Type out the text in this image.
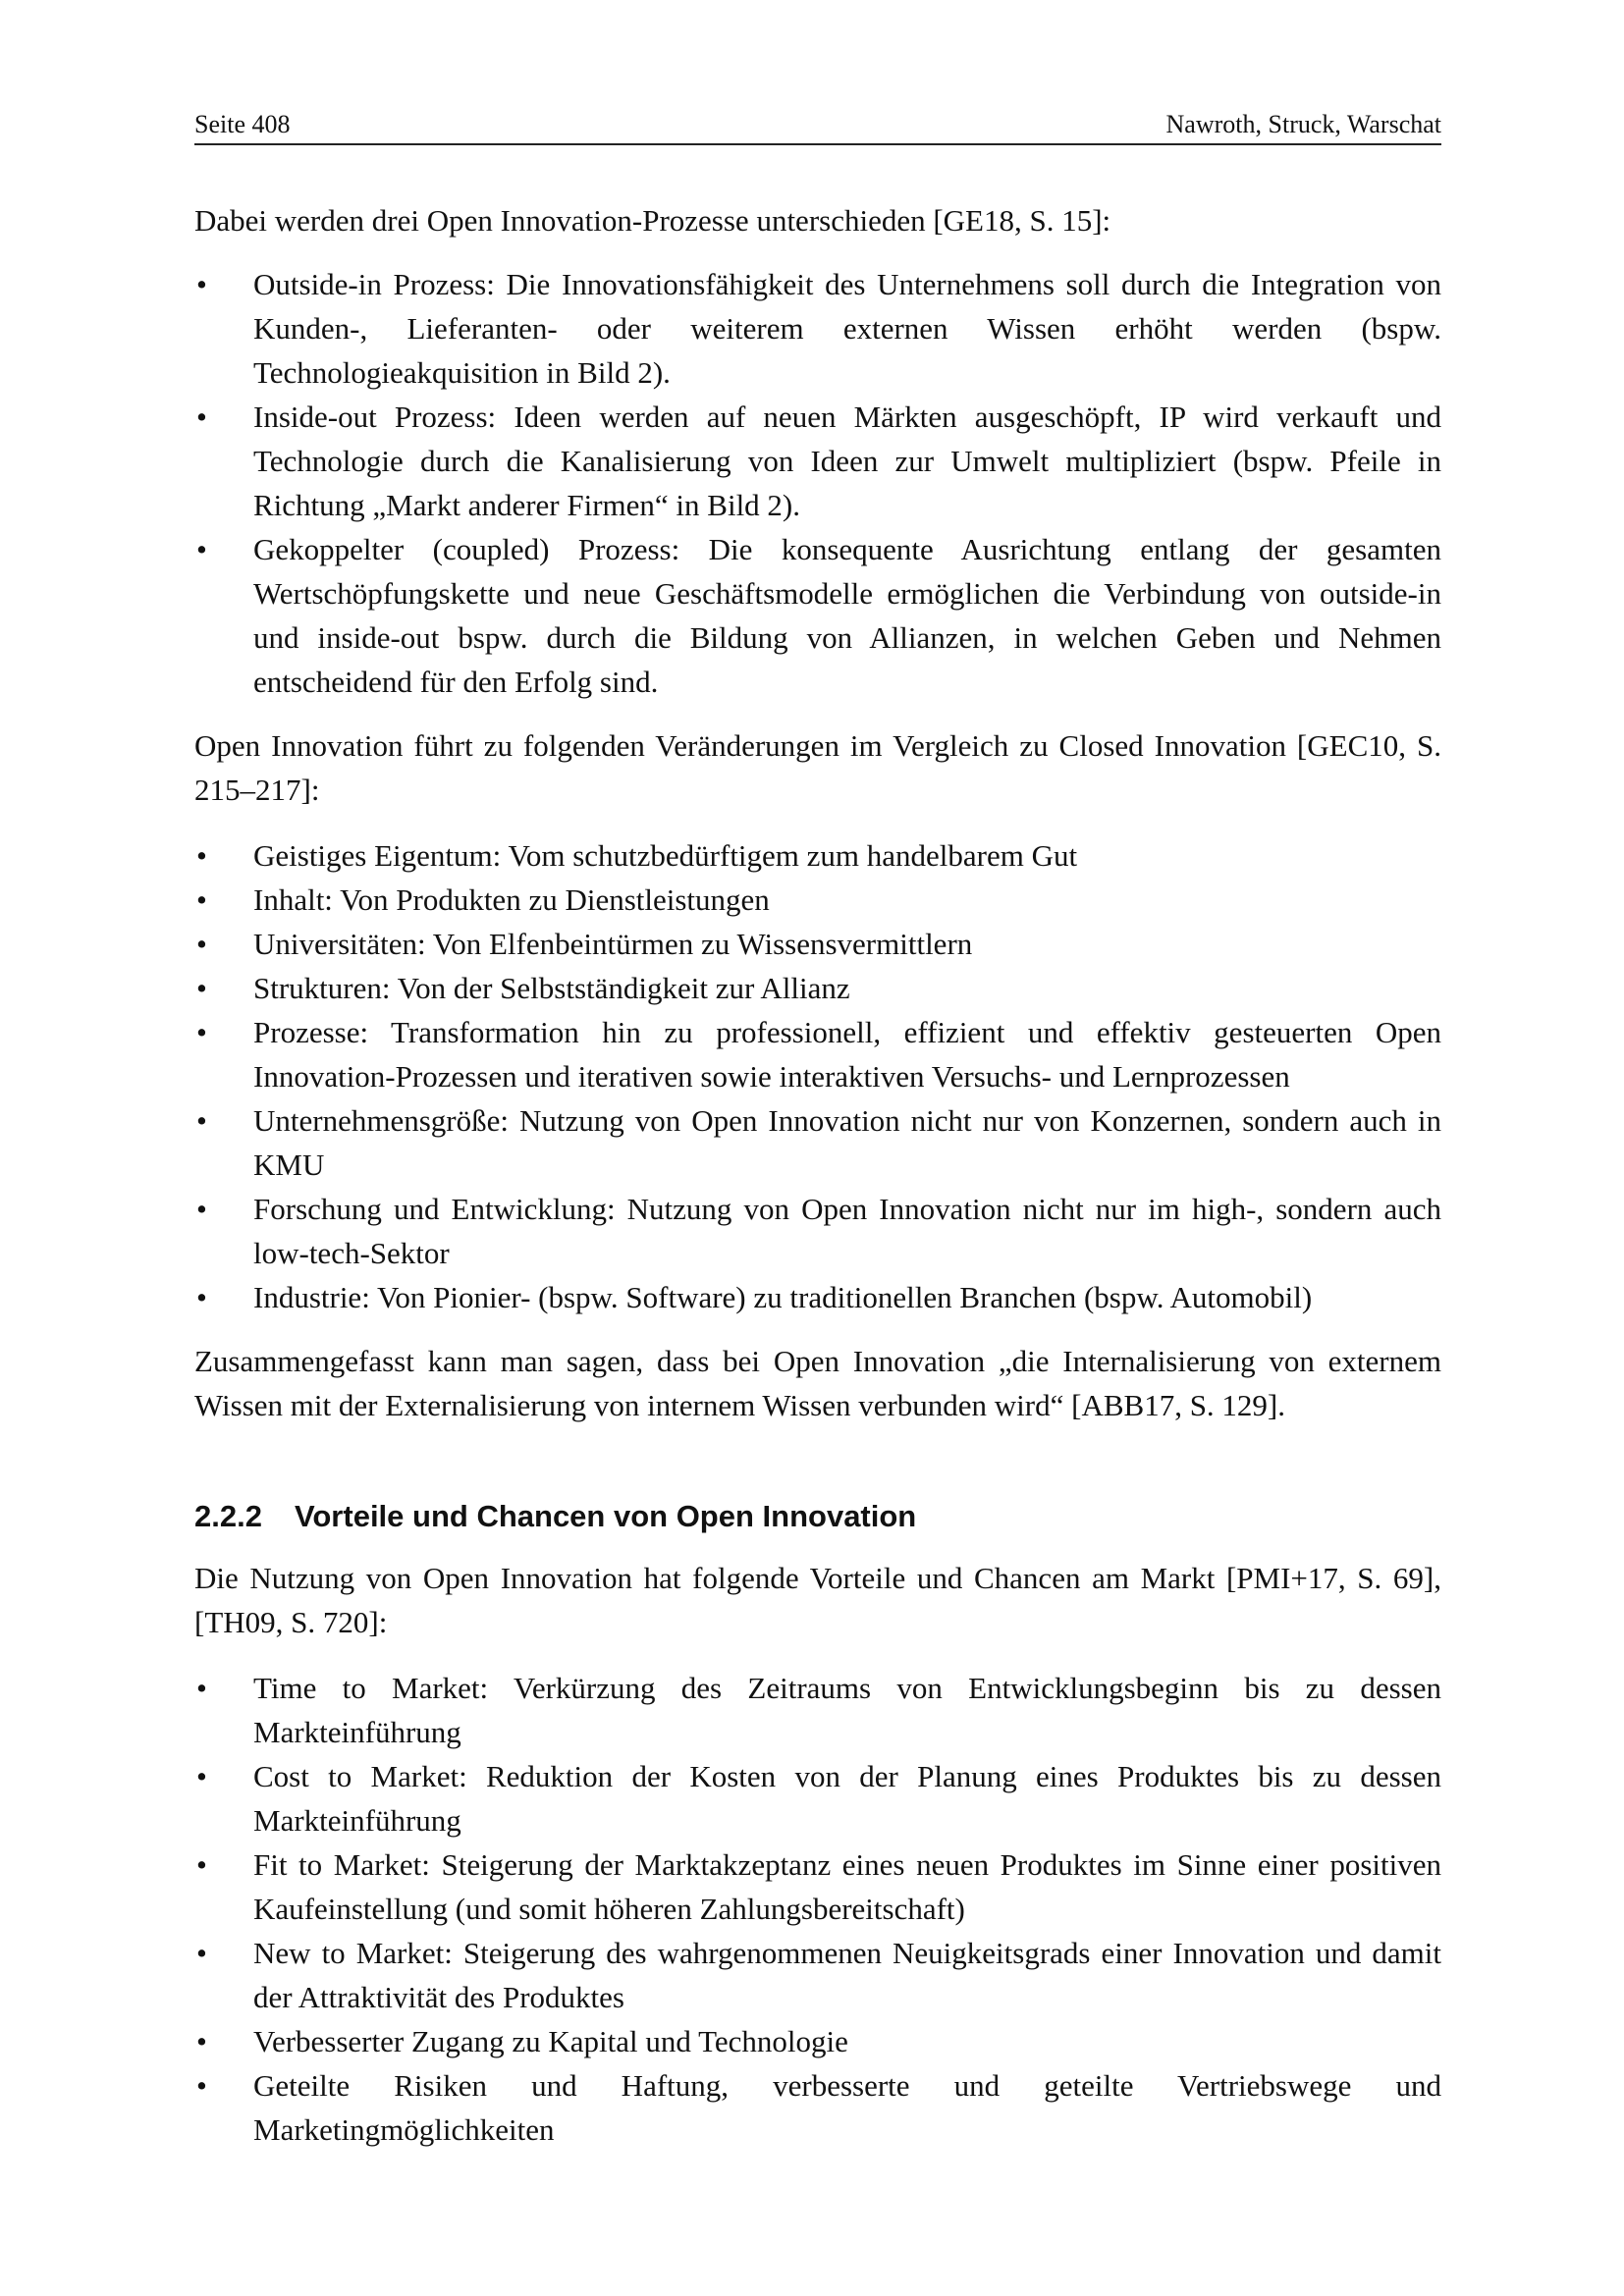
Seite 408	Nawroth, Struck, Warschat

Dabei werden drei Open Innovation-Prozesse unterschieden [GE18, S. 15]:

• Outside-in Prozess: Die Innovationsfähigkeit des Unternehmens soll durch die Integration von Kunden-, Lieferanten- oder weiterem externen Wissen erhöht werden (bspw. Technologieakquisition in Bild 2).
• Inside-out Prozess: Ideen werden auf neuen Märkten ausgeschöpft, IP wird verkauft und Technologie durch die Kanalisierung von Ideen zur Umwelt multipliziert (bspw. Pfeile in Richtung „Markt anderer Firmen“ in Bild 2).
• Gekoppelter (coupled) Prozess: Die konsequente Ausrichtung entlang der gesamten Wertschöpfungskette und neue Geschäftsmodelle ermöglichen die Verbindung von outside-in und inside-out bspw. durch die Bildung von Allianzen, in welchen Geben und Nehmen entscheidend für den Erfolg sind.

Open Innovation führt zu folgenden Veränderungen im Vergleich zu Closed Innovation [GEC10, S. 215–217]:

• Geistiges Eigentum: Vom schutzbedürftigem zum handelbarem Gut
• Inhalt: Von Produkten zu Dienstleistungen
• Universitäten: Von Elfenbeintürmen zu Wissensvermittlern
• Strukturen: Von der Selbstständigkeit zur Allianz
• Prozesse: Transformation hin zu professionell, effizient und effektiv gesteuerten Open Innovation-Prozessen und iterativen sowie interaktiven Versuchs- und Lernprozessen
• Unternehmensgröße: Nutzung von Open Innovation nicht nur von Konzernen, sondern auch in KMU
• Forschung und Entwicklung: Nutzung von Open Innovation nicht nur im high-, sondern auch low-tech-Sektor
• Industrie: Von Pionier- (bspw. Software) zu traditionellen Branchen (bspw. Automobil)

Zusammengefasst kann man sagen, dass bei Open Innovation „die Internalisierung von externem Wissen mit der Externalisierung von internem Wissen verbunden wird“ [ABB17, S. 129].

2.2.2 Vorteile und Chancen von Open Innovation

Die Nutzung von Open Innovation hat folgende Vorteile und Chancen am Markt [PMI+17, S. 69], [TH09, S. 720]:

• Time to Market: Verkürzung des Zeitraums von Entwicklungsbeginn bis zu dessen Markteinführung
• Cost to Market: Reduktion der Kosten von der Planung eines Produktes bis zu dessen Markteinführung
• Fit to Market: Steigerung der Marktakzeptanz eines neuen Produktes im Sinne einer positiven Kaufeinstellung (und somit höheren Zahlungsbereitschaft)
• New to Market: Steigerung des wahrgenommenen Neuigkeitsgrads einer Innovation und damit der Attraktivität des Produktes
• Verbesserter Zugang zu Kapital und Technologie
• Geteilte Risiken und Haftung, verbesserte und geteilte Vertriebswege und Marketingmöglichkeiten
